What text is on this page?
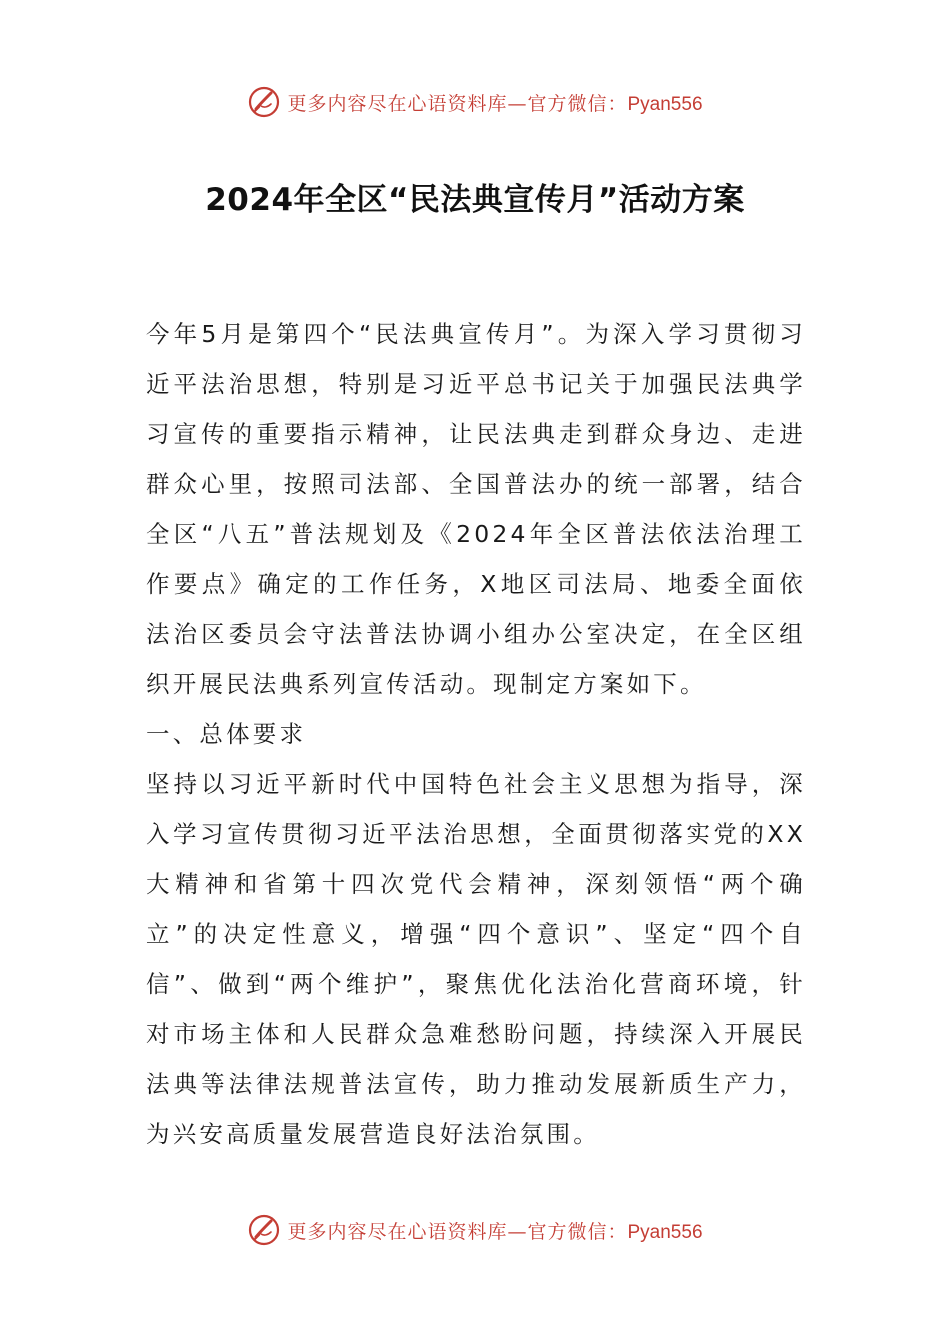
更多内容尽在心语资料库—官方微信：Pyan556
2024年全区“民法典宣传月”活动方案

今年5月是第四个“民法典宣传月”。为深入学习贯彻习近平法治思想，特别是习近平总书记关于加强民法典学习宣传的重要指示精神，让民法典走到群众身边、走进群众心里，按照司法部、全国普法办的统一部署，结合全区“八五”普法规划及《2024年全区普法依法治理工作要点》确定的工作任务，X地区司法局、地委全面依法治区委员会守法普法协调小组办公室决定，在全区组织开展民法典系列宣传活动。现制定方案如下。

一、总体要求

坚持以习近平新时代中国特色社会主义思想为指导，深入学习宣传贯彻习近平法治思想，全面贯彻落实党的XX大精神和省第十四次党代会精神，深刻领悟“两个确立”的决定性意义，增强“四个意识”、坚定“四个自信”、做到“两个维护”，聚焦优化法治化营商环境，针对市场主体和人民群众急难愁盼问题，持续深入开展民法典等法律法规普法宣传，助力推动发展新质生产力，为兴安高质量发展营造良好法治氛围。

更多内容尽在心语资料库—官方微信：Pyan556
